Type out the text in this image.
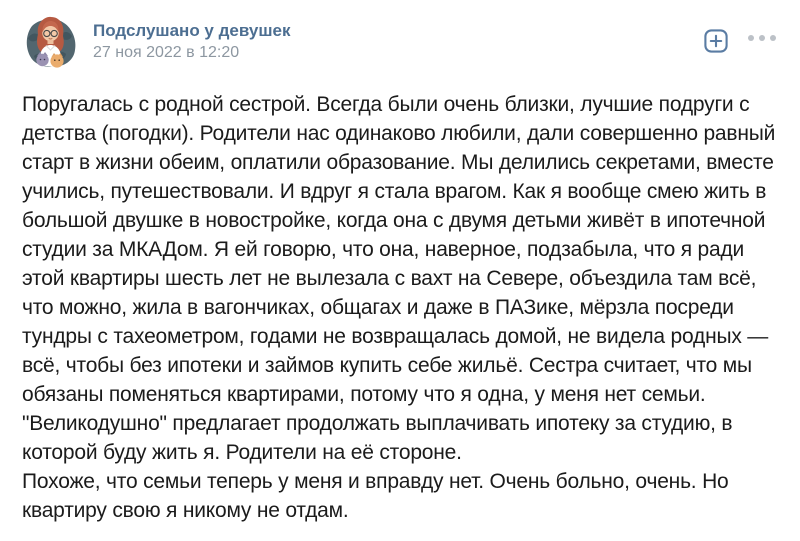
Подслушано у девушек
27 ноя 2022 в 12:20

Поругалась с родной сестрой. Всегда были очень близки, лучшие подруги с детства (погодки). Родители нас одинаково любили, дали совершенно равный старт в жизни обеим, оплатили образование. Мы делились секретами, вместе учились, путешествовали. И вдруг я стала врагом. Как я вообще смею жить в большой двушке в новостройке, когда она с двумя детьми живёт в ипотечной студии за МКАДом. Я ей говорю, что она, наверное, подзабыла, что я ради этой квартиры шесть лет не вылезала с вахт на Севере, объездила там всё, что можно, жила в вагончиках, общагах и даже в ПАЗике, мёрзла посреди тундры с тахеометром, годами не возвращалась домой, не видела родных — всё, чтобы без ипотеки и займов купить себе жильё. Сестра считает, что мы обязаны поменяться квартирами, потому что я одна, у меня нет семьи. "Великодушно" предлагает продолжать выплачивать ипотеку за студию, в которой буду жить я. Родители на её стороне.

Похоже, что семьи теперь у меня и вправду нет. Очень больно, очень. Но квартиру свою я никому не отдам.
